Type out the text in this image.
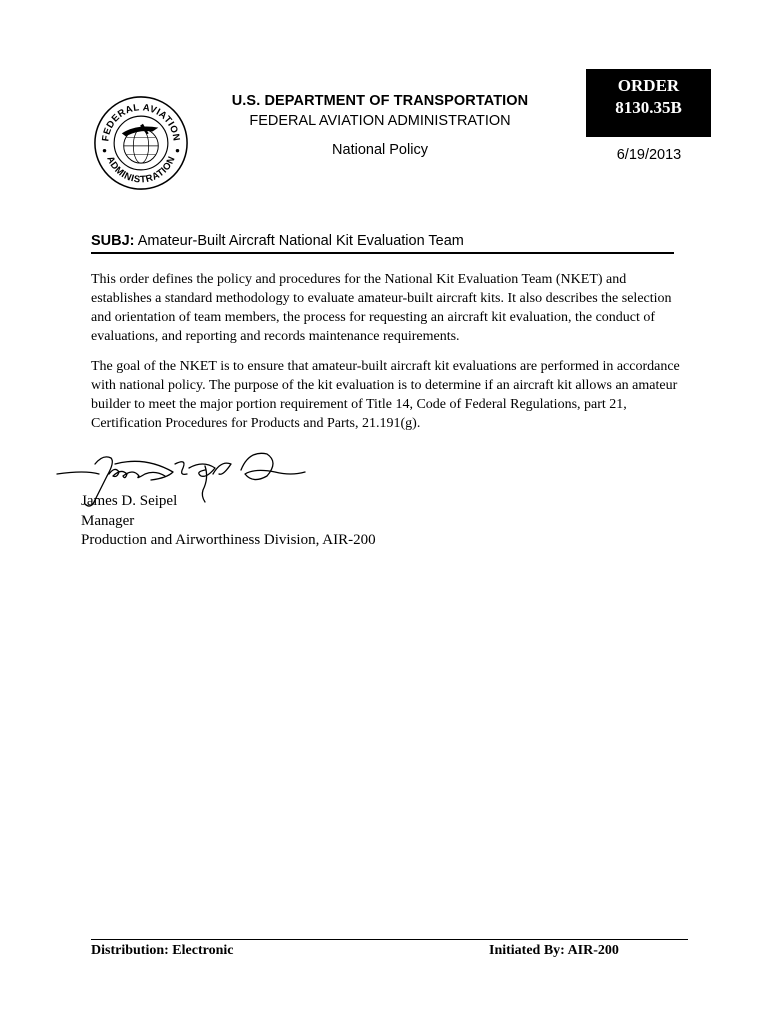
FEDERAL AVIATION
ADMINISTRATION
U.S. DEPARTMENT OF TRANSPORTATION
FEDERAL AVIATION ADMINISTRATION
National Policy
ORDER
8130.35B
6/19/2013
SUBJ: Amateur-Built Aircraft National Kit Evaluation Team

This order defines the policy and procedures for the National Kit Evaluation Team (NKET) and establishes a standard methodology to evaluate amateur-built aircraft kits. It also describes the selection and orientation of team members, the process for requesting an aircraft kit evaluation, the conduct of evaluations, and reporting and records maintenance requirements.

The goal of the NKET is to ensure that amateur-built aircraft kit evaluations are performed in accordance with national policy. The purpose of the kit evaluation is to determine if an aircraft kit allows an amateur builder to meet the major portion requirement of Title 14, Code of Federal Regulations, part 21, Certification Procedures for Products and Parts, 21.191(g).

James D. Seipel
Manager
Production and Airworthiness Division, AIR-200
Distribution: Electronic	Initiated By: AIR-200
